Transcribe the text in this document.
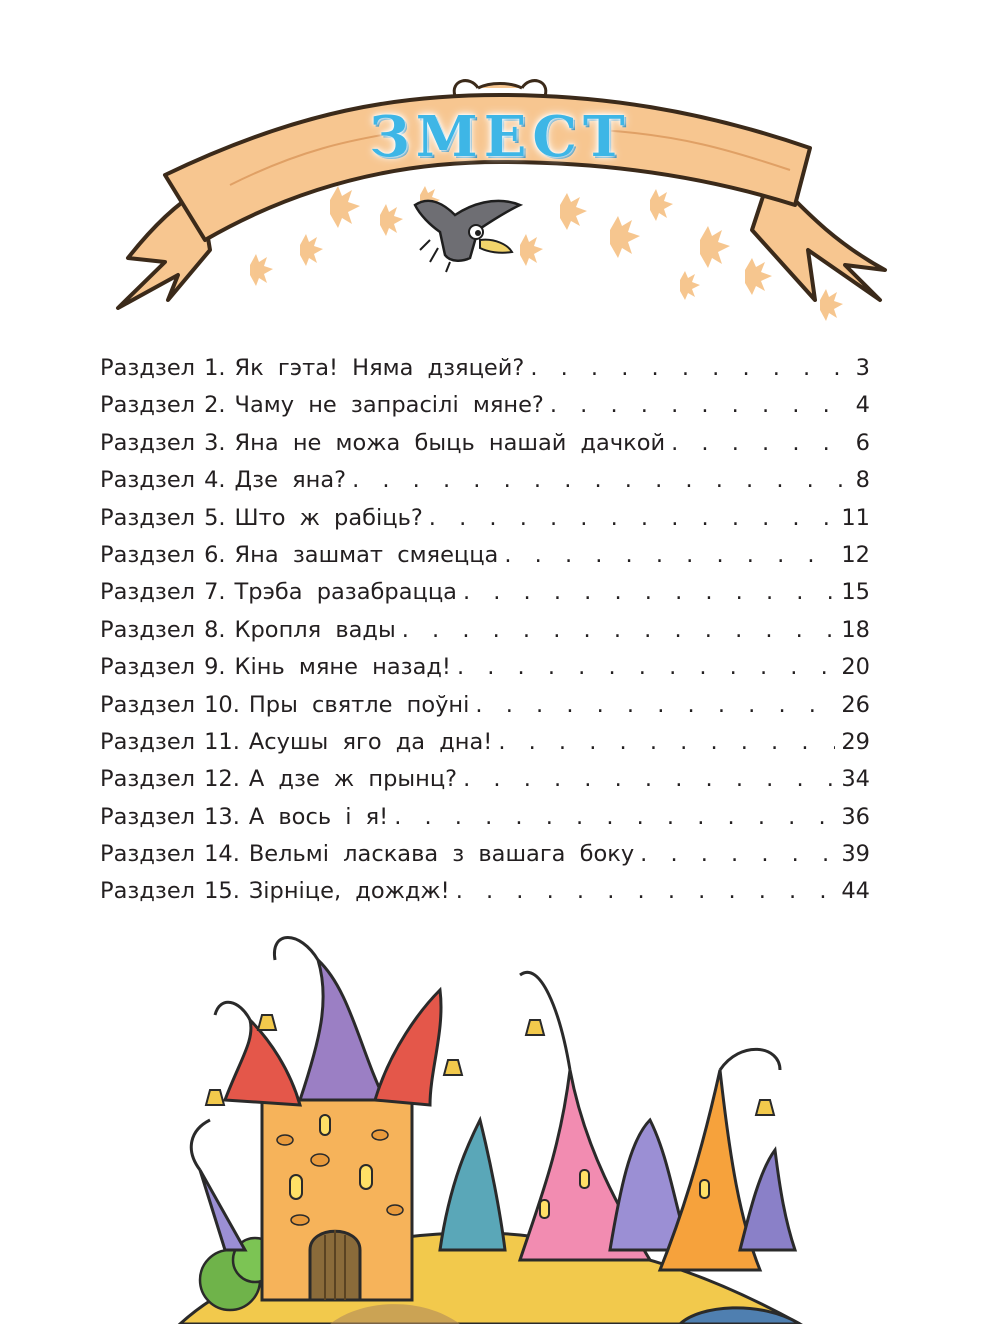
ЗМЕСТ
Раздзел 1. Як гэта! Няма дзяцей? . . .	3
Раздзел 2. Чаму не запрасілі мяне? . . .	4
Раздзел 3. Яна не можа быць нашай дачкой . . .	6
Раздзел 4. Дзе яна? . . .	8
Раздзел 5. Што ж рабіць? . . .	11
Раздзел 6. Яна зашмат смяецца . . .	12
Раздзел 7. Трэба разабрацца . . .	15
Раздзел 8. Кропля вады . . .	18
Раздзел 9. Кінь мяне назад! . . .	20
Раздзел 10. Пры святле поўні . . .	26
Раздзел 11. Асушы яго да дна! . . .	29
Раздзел 12. А дзе ж прынц? . . .	34
Раздзел 13. А вось і я! . . .	36
Раздзел 14. Вельмі ласкава з вашага боку . . .	39
Раздзел 15. Зірніце, дождж! . . .	44
